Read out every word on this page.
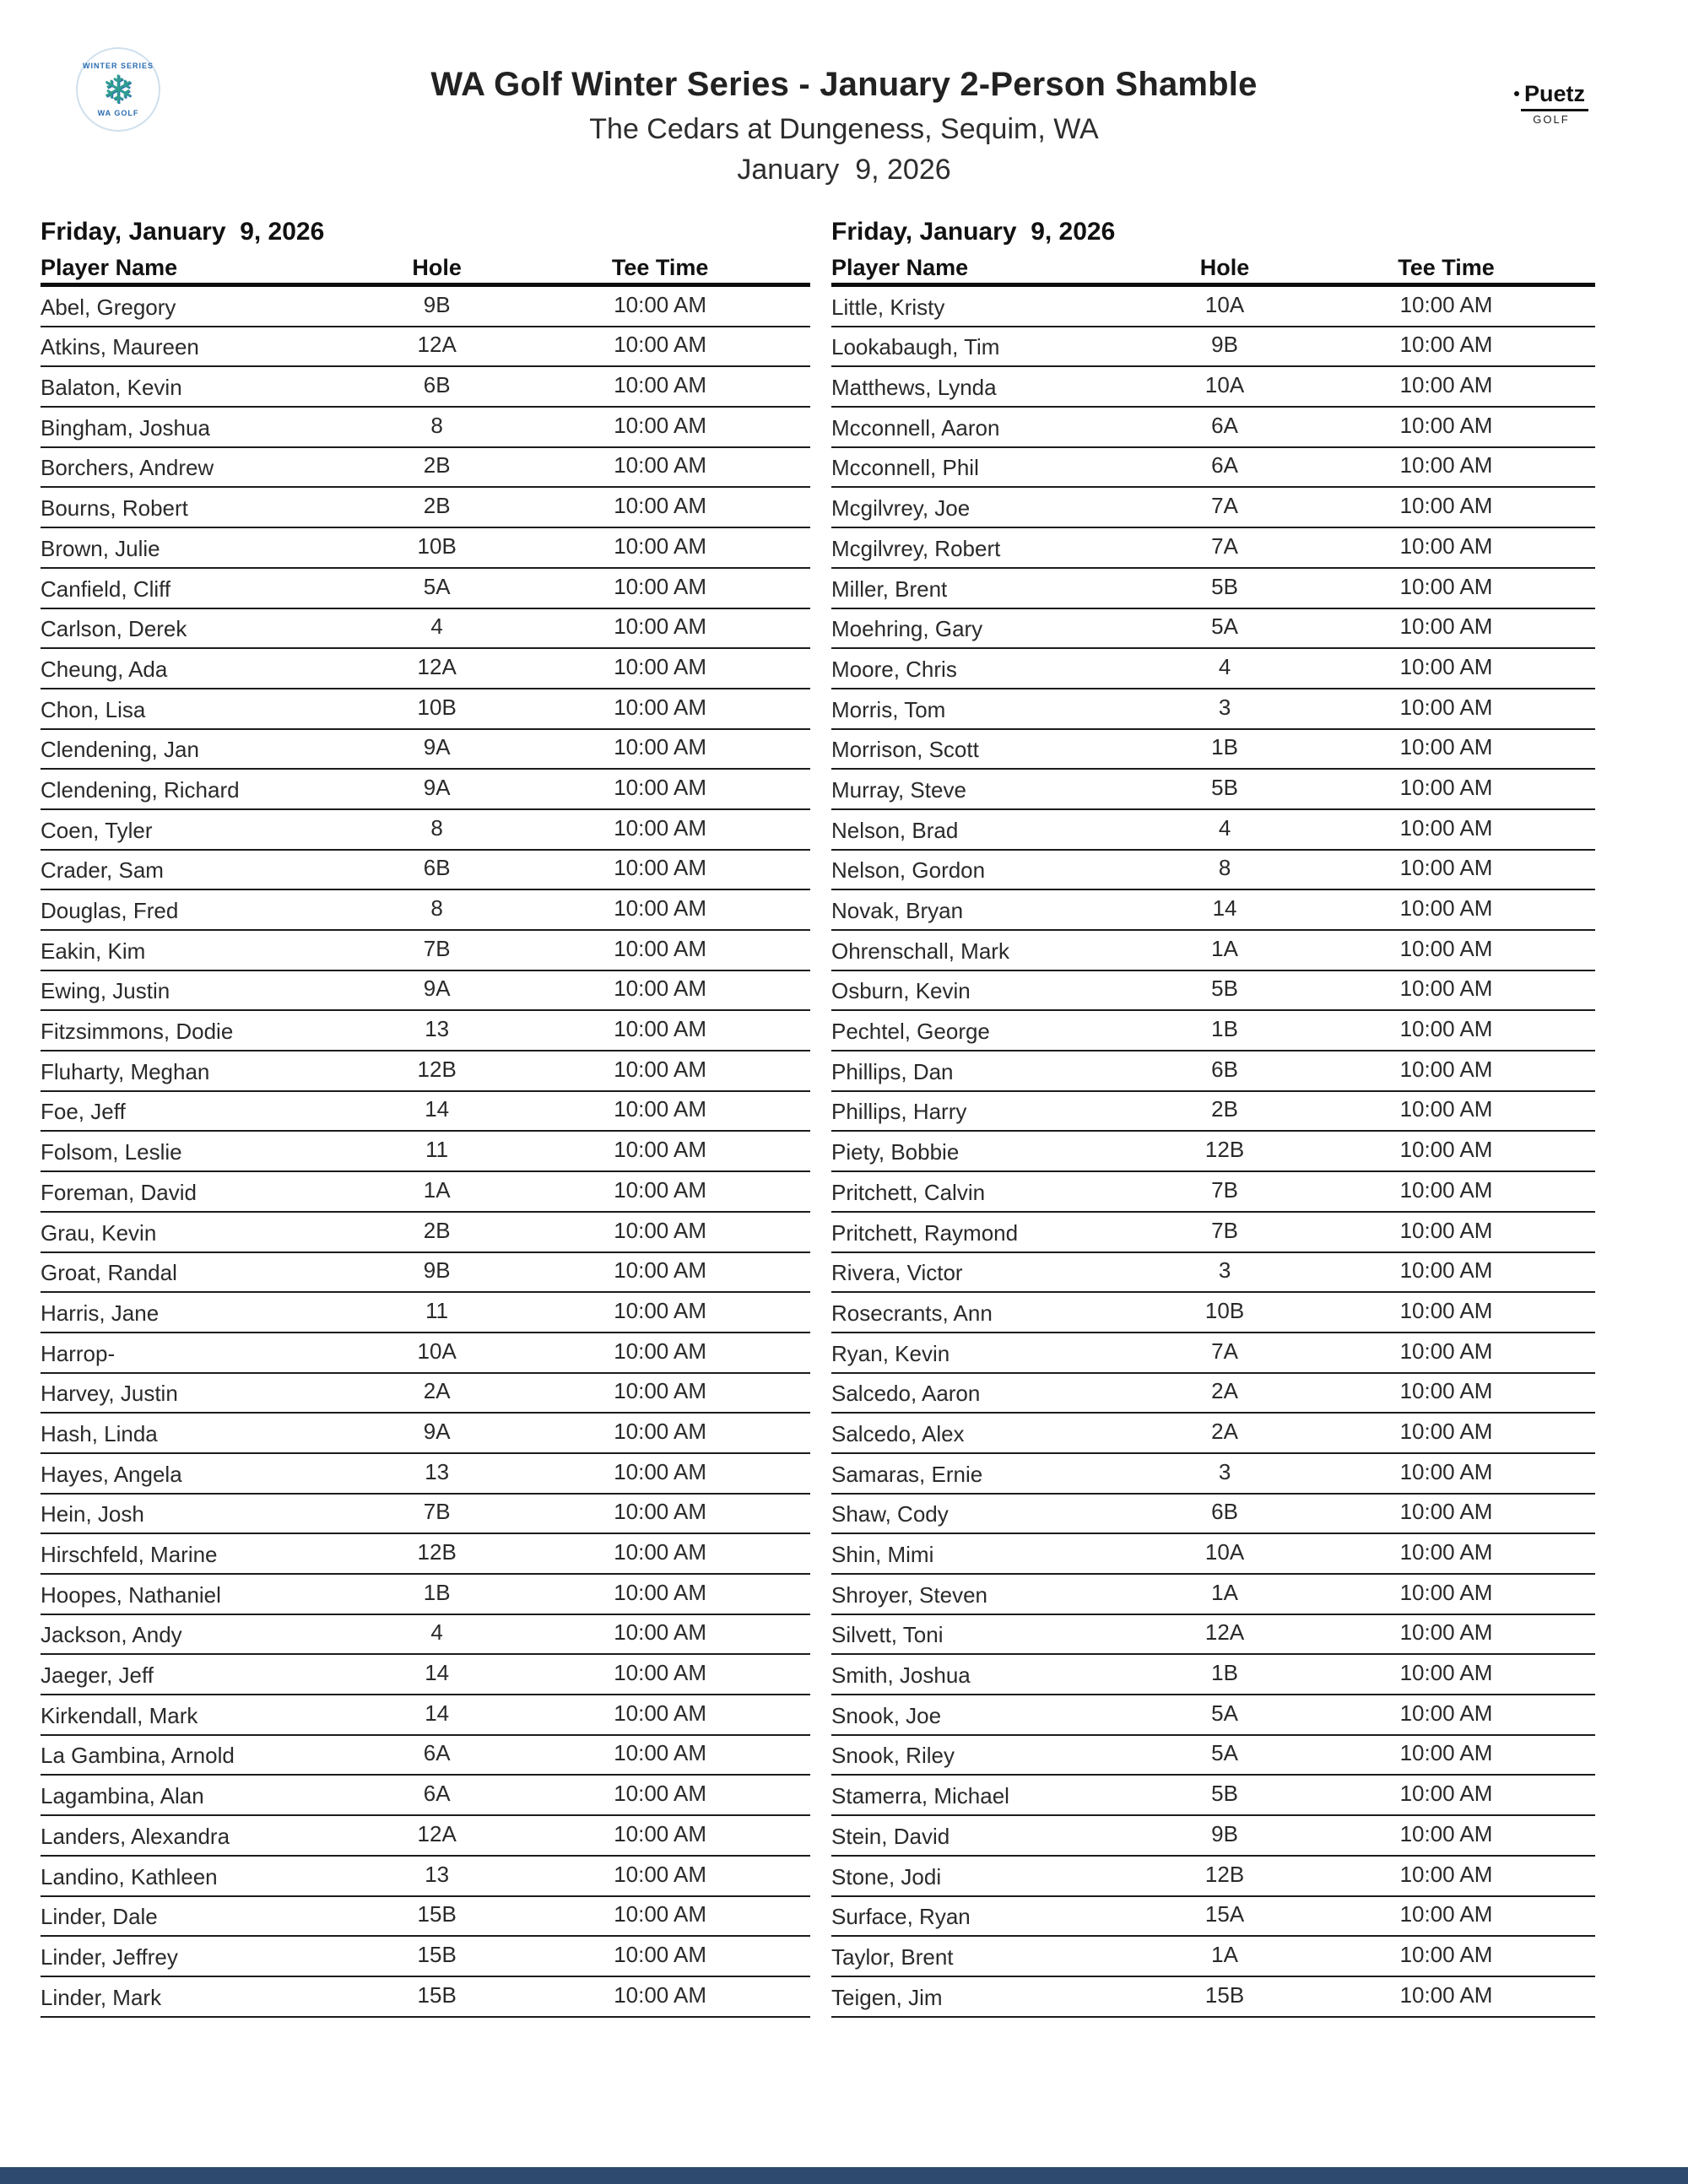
WINTER SERIES
❄
WA GOLF
WA Golf Winter Series - January 2-Person Shamble
The Cedars at Dungeness, Sequim, WA
January  9, 2026
Puetz
GOLF
Friday, January  9, 2026
Player Name	Hole	Tee Time
Abel, Gregory	9B	10:00 AM
Atkins, Maureen	12A	10:00 AM
Balaton, Kevin	6B	10:00 AM
Bingham, Joshua	8	10:00 AM
Borchers, Andrew	2B	10:00 AM
Bourns, Robert	2B	10:00 AM
Brown, Julie	10B	10:00 AM
Canfield, Cliff	5A	10:00 AM
Carlson, Derek	4	10:00 AM
Cheung, Ada	12A	10:00 AM
Chon, Lisa	10B	10:00 AM
Clendening, Jan	9A	10:00 AM
Clendening, Richard	9A	10:00 AM
Coen, Tyler	8	10:00 AM
Crader, Sam	6B	10:00 AM
Douglas, Fred	8	10:00 AM
Eakin, Kim	7B	10:00 AM
Ewing, Justin	9A	10:00 AM
Fitzsimmons, Dodie	13	10:00 AM
Fluharty, Meghan	12B	10:00 AM
Foe, Jeff	14	10:00 AM
Folsom, Leslie	11	10:00 AM
Foreman, David	1A	10:00 AM
Grau, Kevin	2B	10:00 AM
Groat, Randal	9B	10:00 AM
Harris, Jane	11	10:00 AM
Harrop-	10A	10:00 AM
Harvey, Justin	2A	10:00 AM
Hash, Linda	9A	10:00 AM
Hayes, Angela	13	10:00 AM
Hein, Josh	7B	10:00 AM
Hirschfeld, Marine	12B	10:00 AM
Hoopes, Nathaniel	1B	10:00 AM
Jackson, Andy	4	10:00 AM
Jaeger, Jeff	14	10:00 AM
Kirkendall, Mark	14	10:00 AM
La Gambina, Arnold	6A	10:00 AM
Lagambina, Alan	6A	10:00 AM
Landers, Alexandra	12A	10:00 AM
Landino, Kathleen	13	10:00 AM
Linder, Dale	15B	10:00 AM
Linder, Jeffrey	15B	10:00 AM
Linder, Mark	15B	10:00 AM
Friday, January  9, 2026
Player Name	Hole	Tee Time
Little, Kristy	10A	10:00 AM
Lookabaugh, Tim	9B	10:00 AM
Matthews, Lynda	10A	10:00 AM
Mcconnell, Aaron	6A	10:00 AM
Mcconnell, Phil	6A	10:00 AM
Mcgilvrey, Joe	7A	10:00 AM
Mcgilvrey, Robert	7A	10:00 AM
Miller, Brent	5B	10:00 AM
Moehring, Gary	5A	10:00 AM
Moore, Chris	4	10:00 AM
Morris, Tom	3	10:00 AM
Morrison, Scott	1B	10:00 AM
Murray, Steve	5B	10:00 AM
Nelson, Brad	4	10:00 AM
Nelson, Gordon	8	10:00 AM
Novak, Bryan	14	10:00 AM
Ohrenschall, Mark	1A	10:00 AM
Osburn, Kevin	5B	10:00 AM
Pechtel, George	1B	10:00 AM
Phillips, Dan	6B	10:00 AM
Phillips, Harry	2B	10:00 AM
Piety, Bobbie	12B	10:00 AM
Pritchett, Calvin	7B	10:00 AM
Pritchett, Raymond	7B	10:00 AM
Rivera, Victor	3	10:00 AM
Rosecrants, Ann	10B	10:00 AM
Ryan, Kevin	7A	10:00 AM
Salcedo, Aaron	2A	10:00 AM
Salcedo, Alex	2A	10:00 AM
Samaras, Ernie	3	10:00 AM
Shaw, Cody	6B	10:00 AM
Shin, Mimi	10A	10:00 AM
Shroyer, Steven	1A	10:00 AM
Silvett, Toni	12A	10:00 AM
Smith, Joshua	1B	10:00 AM
Snook, Joe	5A	10:00 AM
Snook, Riley	5A	10:00 AM
Stamerra, Michael	5B	10:00 AM
Stein, David	9B	10:00 AM
Stone, Jodi	12B	10:00 AM
Surface, Ryan	15A	10:00 AM
Taylor, Brent	1A	10:00 AM
Teigen, Jim	15B	10:00 AM
